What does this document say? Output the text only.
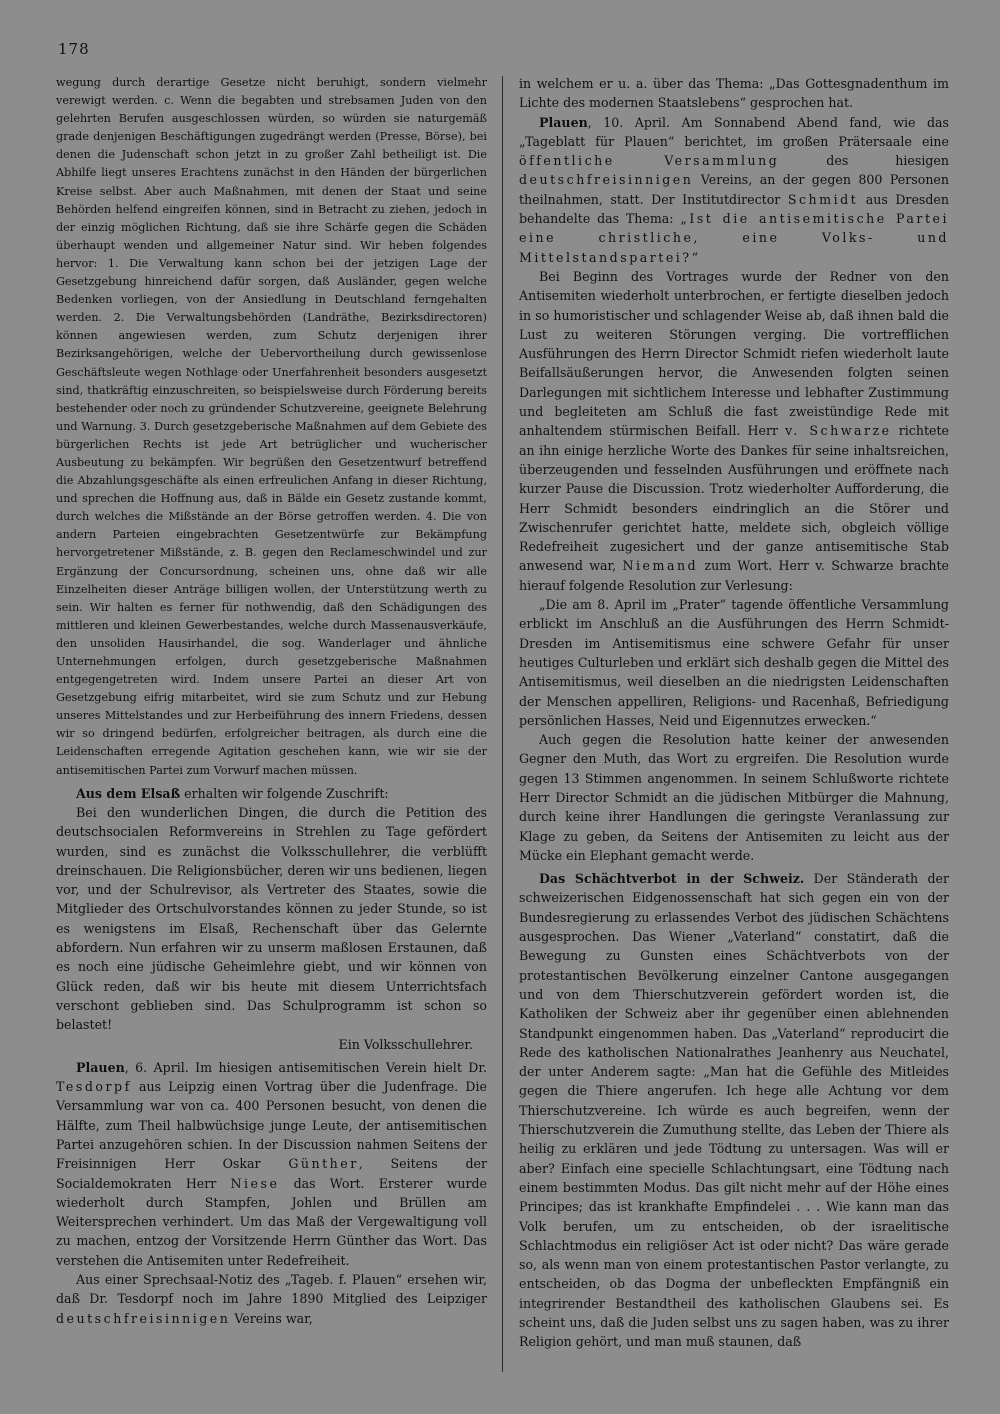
178

wegung durch derartige Gesetze nicht beruhigt, sondern vielmehr verewigt werden. c. Wenn die begabten und strebsamen Juden von den gelehrten Berufen ausgeschlossen würden, so würden sie naturgemäß grade denjenigen Beschäftigungen zugedrängt werden (Presse, Börse), bei denen die Judenschaft schon jetzt in zu großer Zahl betheiligt ist. Die Abhilfe liegt unseres Erachtens zunächst in den Händen der bürgerlichen Kreise selbst. Aber auch Maßnahmen, mit denen der Staat und seine Behörden helfend eingreifen können, sind in Betracht zu ziehen, jedoch in der einzig möglichen Richtung, daß sie ihre Schärfe gegen die Schäden überhaupt wenden und allgemeiner Natur sind. Wir heben folgendes hervor: 1. Die Verwaltung kann schon bei der jetzigen Lage der Gesetzgebung hinreichend dafür sorgen, daß Ausländer, gegen welche Bedenken vorliegen, von der Ansiedlung in Deutschland ferngehalten werden. 2. Die Verwaltungsbehörden (Landräthe, Bezirksdirectoren) können angewiesen werden, zum Schutz derjenigen ihrer Bezirksangehörigen, welche der Uebervortheilung durch gewissenlose Geschäftsleute wegen Nothlage oder Unerfahrenheit besonders ausgesetzt sind, thatkräftig einzuschreiten, so beispielsweise durch Förderung bereits bestehender oder noch zu gründender Schutzvereine, geeignete Belehrung und Warnung. 3. Durch gesetzgeberische Maßnahmen auf dem Gebiete des bürgerlichen Rechts ist jede Art betrüglicher und wucherischer Ausbeutung zu bekämpfen. Wir begrüßen den Gesetzentwurf betreffend die Abzahlungsgeschäfte als einen erfreulichen Anfang in dieser Richtung, und sprechen die Hoffnung aus, daß in Bälde ein Gesetz zustande kommt, durch welches die Mißstände an der Börse getroffen werden. 4. Die von andern Parteien eingebrachten Gesetzentwürfe zur Bekämpfung hervorgetretener Mißstände, z. B. gegen den Reclameschwindel und zur Ergänzung der Concursordnung, scheinen uns, ohne daß wir alle Einzelheiten dieser Anträge billigen wollen, der Unterstützung werth zu sein. Wir halten es ferner für nothwendig, daß den Schädigungen des mittleren und kleinen Gewerbestandes, welche durch Massenausverkäufe, den unsoliden Hausirhandel, die sog. Wanderlager und ähnliche Unternehmungen erfolgen, durch gesetzgeberische Maßnahmen entgegengetreten wird. Indem unsere Partei an dieser Art von Gesetzgebung eifrig mitarbeitet, wird sie zum Schutz und zur Hebung unseres Mittelstandes und zur Herbeiführung des innern Friedens, dessen wir so dringend bedürfen, erfolgreicher beitragen, als durch eine die Leidenschaften erregende Agitation geschehen kann, wie wir sie der antisemitischen Partei zum Vorwurf machen müssen.

Aus dem Elsaß erhalten wir folgende Zuschrift:

Bei den wunderlichen Dingen, die durch die Petition des deutschsocialen Reformvereins in Strehlen zu Tage gefördert wurden, sind es zunächst die Volksschullehrer, die verblüfft dreinschauen. Die Religionsbücher, deren wir uns bedienen, liegen vor, und der Schulrevisor, als Vertreter des Staates, sowie die Mitglieder des Ortschulvorstandes können zu jeder Stunde, so ist es wenigstens im Elsaß, Rechenschaft über das Gelernte abfordern. Nun erfahren wir zu unserm maßlosen Erstaunen, daß es noch eine jüdische Geheimlehre giebt, und wir können von Glück reden, daß wir bis heute mit diesem Unterrichtsfach verschont geblieben sind. Das Schulprogramm ist schon so belastet!

Ein Volksschullehrer.

Plauen, 6. April. Im hiesigen antisemitischen Verein hielt Dr. Tesdorpf aus Leipzig einen Vortrag über die Judenfrage. Die Versammlung war von ca. 400 Personen besucht, von denen die Hälfte, zum Theil halbwüchsige junge Leute, der antisemitischen Partei anzugehören schien. In der Discussion nahmen Seitens der Freisinnigen Herr Oskar Günther, Seitens der Socialdemokraten Herr Niese das Wort. Ersterer wurde wiederholt durch Stampfen, Johlen und Brüllen am Weitersprechen verhindert. Um das Maß der Vergewaltigung voll zu machen, entzog der Vorsitzende Herrn Günther das Wort. Das verstehen die Antisemiten unter Redefreiheit.

Aus einer Sprechsaal-Notiz des „Tageb. f. Plauen“ ersehen wir, daß Dr. Tesdorpf noch im Jahre 1890 Mitglied des Leipziger deutschfreisinnigen Vereins war,

in welchem er u. a. über das Thema: „Das Gottesgnadenthum im Lichte des modernen Staatslebens“ gesprochen hat.

Plauen, 10. April. Am Sonnabend Abend fand, wie das „Tageblatt für Plauen“ berichtet, im großen Prätersaale eine öffentliche Versammlung des hiesigen deutschfreisinnigen Vereins, an der gegen 800 Personen theilnahmen, statt. Der Institutdirector Schmidt aus Dresden behandelte das Thema: „Ist die antisemitische Partei eine christliche, eine Volks- und Mittelstandspartei?“

Bei Beginn des Vortrages wurde der Redner von den Antisemiten wiederholt unterbrochen, er fertigte dieselben jedoch in so humoristischer und schlagender Weise ab, daß ihnen bald die Lust zu weiteren Störungen verging. Die vortrefflichen Ausführungen des Herrn Director Schmidt riefen wiederholt laute Beifallsäußerungen hervor, die Anwesenden folgten seinen Darlegungen mit sichtlichem Interesse und lebhafter Zustimmung und begleiteten am Schluß die fast zweistündige Rede mit anhaltendem stürmischen Beifall. Herr v. Schwarze richtete an ihn einige herzliche Worte des Dankes für seine inhaltsreichen, überzeugenden und fesselnden Ausführungen und eröffnete nach kurzer Pause die Discussion. Trotz wiederholter Aufforderung, die Herr Schmidt besonders eindringlich an die Störer und Zwischenrufer gerichtet hatte, meldete sich, obgleich völlige Redefreiheit zugesichert und der ganze antisemitische Stab anwesend war, Niemand zum Wort. Herr v. Schwarze brachte hierauf folgende Resolution zur Verlesung:

„Die am 8. April im „Prater“ tagende öffentliche Versammlung erblickt im Anschluß an die Ausführungen des Herrn Schmidt-Dresden im Antisemitismus eine schwere Gefahr für unser heutiges Culturleben und erklärt sich deshalb gegen die Mittel des Antisemitismus, weil dieselben an die niedrigsten Leidenschaften der Menschen appelliren, Religions- und Racenhaß, Befriedigung persönlichen Hasses, Neid und Eigennutzes erwecken.“

Auch gegen die Resolution hatte keiner der anwesenden Gegner den Muth, das Wort zu ergreifen. Die Resolution wurde gegen 13 Stimmen angenommen. In seinem Schlußworte richtete Herr Director Schmidt an die jüdischen Mitbürger die Mahnung, durch keine ihrer Handlungen die geringste Veranlassung zur Klage zu geben, da Seitens der Antisemiten zu leicht aus der Mücke ein Elephant gemacht werde.

Das Schächtverbot in der Schweiz. Der Ständerath der schweizerischen Eidgenossenschaft hat sich gegen ein von der Bundesregierung zu erlassendes Verbot des jüdischen Schächtens ausgesprochen. Das Wiener „Vaterland“ constatirt, daß die Bewegung zu Gunsten eines Schächtverbots von der protestantischen Bevölkerung einzelner Cantone ausgegangen und von dem Thierschutzverein gefördert worden ist, die Katholiken der Schweiz aber ihr gegenüber einen ablehnenden Standpunkt eingenommen haben. Das „Vaterland“ reproducirt die Rede des katholischen Nationalrathes Jeanhenry aus Neuchatel, der unter Anderem sagte: „Man hat die Gefühle des Mitleides gegen die Thiere angerufen. Ich hege alle Achtung vor dem Thierschutzvereine. Ich würde es auch begreifen, wenn der Thierschutzverein die Zumuthung stellte, das Leben der Thiere als heilig zu erklären und jede Tödtung zu untersagen. Was will er aber? Einfach eine specielle Schlachtungsart, eine Tödtung nach einem bestimmten Modus. Das gilt nicht mehr auf der Höhe eines Principes; das ist krankhafte Empfindelei . . . Wie kann man das Volk berufen, um zu entscheiden, ob der israelitische Schlachtmodus ein religiöser Act ist oder nicht? Das wäre gerade so, als wenn man von einem protestantischen Pastor verlangte, zu entscheiden, ob das Dogma der unbefleckten Empfängniß ein integrirender Bestandtheil des katholischen Glaubens sei. Es scheint uns, daß die Juden selbst uns zu sagen haben, was zu ihrer Religion gehört, und man muß staunen, daß
